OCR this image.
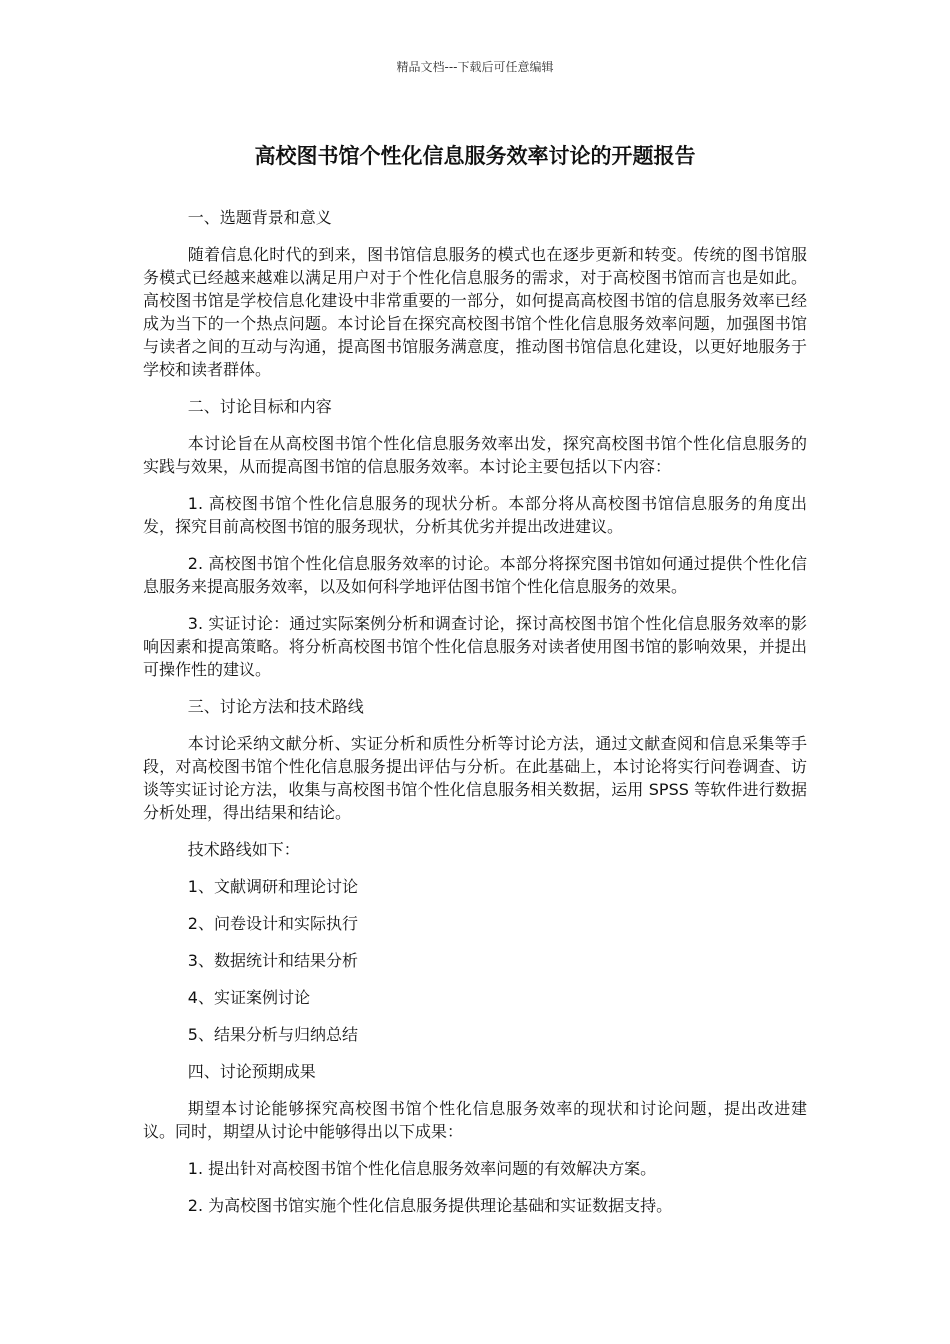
精品文档---下载后可任意编辑
高校图书馆个性化信息服务效率讨论的开题报告

一、选题背景和意义

随着信息化时代的到来，图书馆信息服务的模式也在逐步更新和转变。传统的图书馆服务模式已经越来越难以满足用户对于个性化信息服务的需求，对于高校图书馆而言也是如此。高校图书馆是学校信息化建设中非常重要的一部分，如何提高高校图书馆的信息服务效率已经成为当下的一个热点问题。本讨论旨在探究高校图书馆个性化信息服务效率问题，加强图书馆与读者之间的互动与沟通，提高图书馆服务满意度，推动图书馆信息化建设，以更好地服务于学校和读者群体。

二、讨论目标和内容

本讨论旨在从高校图书馆个性化信息服务效率出发，探究高校图书馆个性化信息服务的实践与效果，从而提高图书馆的信息服务效率。本讨论主要包括以下内容：

1. 高校图书馆个性化信息服务的现状分析。本部分将从高校图书馆信息服务的角度出发，探究目前高校图书馆的服务现状，分析其优劣并提出改进建议。

2. 高校图书馆个性化信息服务效率的讨论。本部分将探究图书馆如何通过提供个性化信息服务来提高服务效率，以及如何科学地评估图书馆个性化信息服务的效果。

3. 实证讨论：通过实际案例分析和调查讨论，探讨高校图书馆个性化信息服务效率的影响因素和提高策略。将分析高校图书馆个性化信息服务对读者使用图书馆的影响效果，并提出可操作性的建议。

三、讨论方法和技术路线

本讨论采纳文献分析、实证分析和质性分析等讨论方法，通过文献查阅和信息采集等手段，对高校图书馆个性化信息服务提出评估与分析。在此基础上，本讨论将实行问卷调查、访谈等实证讨论方法，收集与高校图书馆个性化信息服务相关数据，运用 SPSS 等软件进行数据分析处理，得出结果和结论。

技术路线如下：

1、文献调研和理论讨论

2、问卷设计和实际执行

3、数据统计和结果分析

4、实证案例讨论

5、结果分析与归纳总结

四、讨论预期成果

期望本讨论能够探究高校图书馆个性化信息服务效率的现状和讨论问题，提出改进建议。同时，期望从讨论中能够得出以下成果：

1. 提出针对高校图书馆个性化信息服务效率问题的有效解决方案。

2. 为高校图书馆实施个性化信息服务提供理论基础和实证数据支持。
